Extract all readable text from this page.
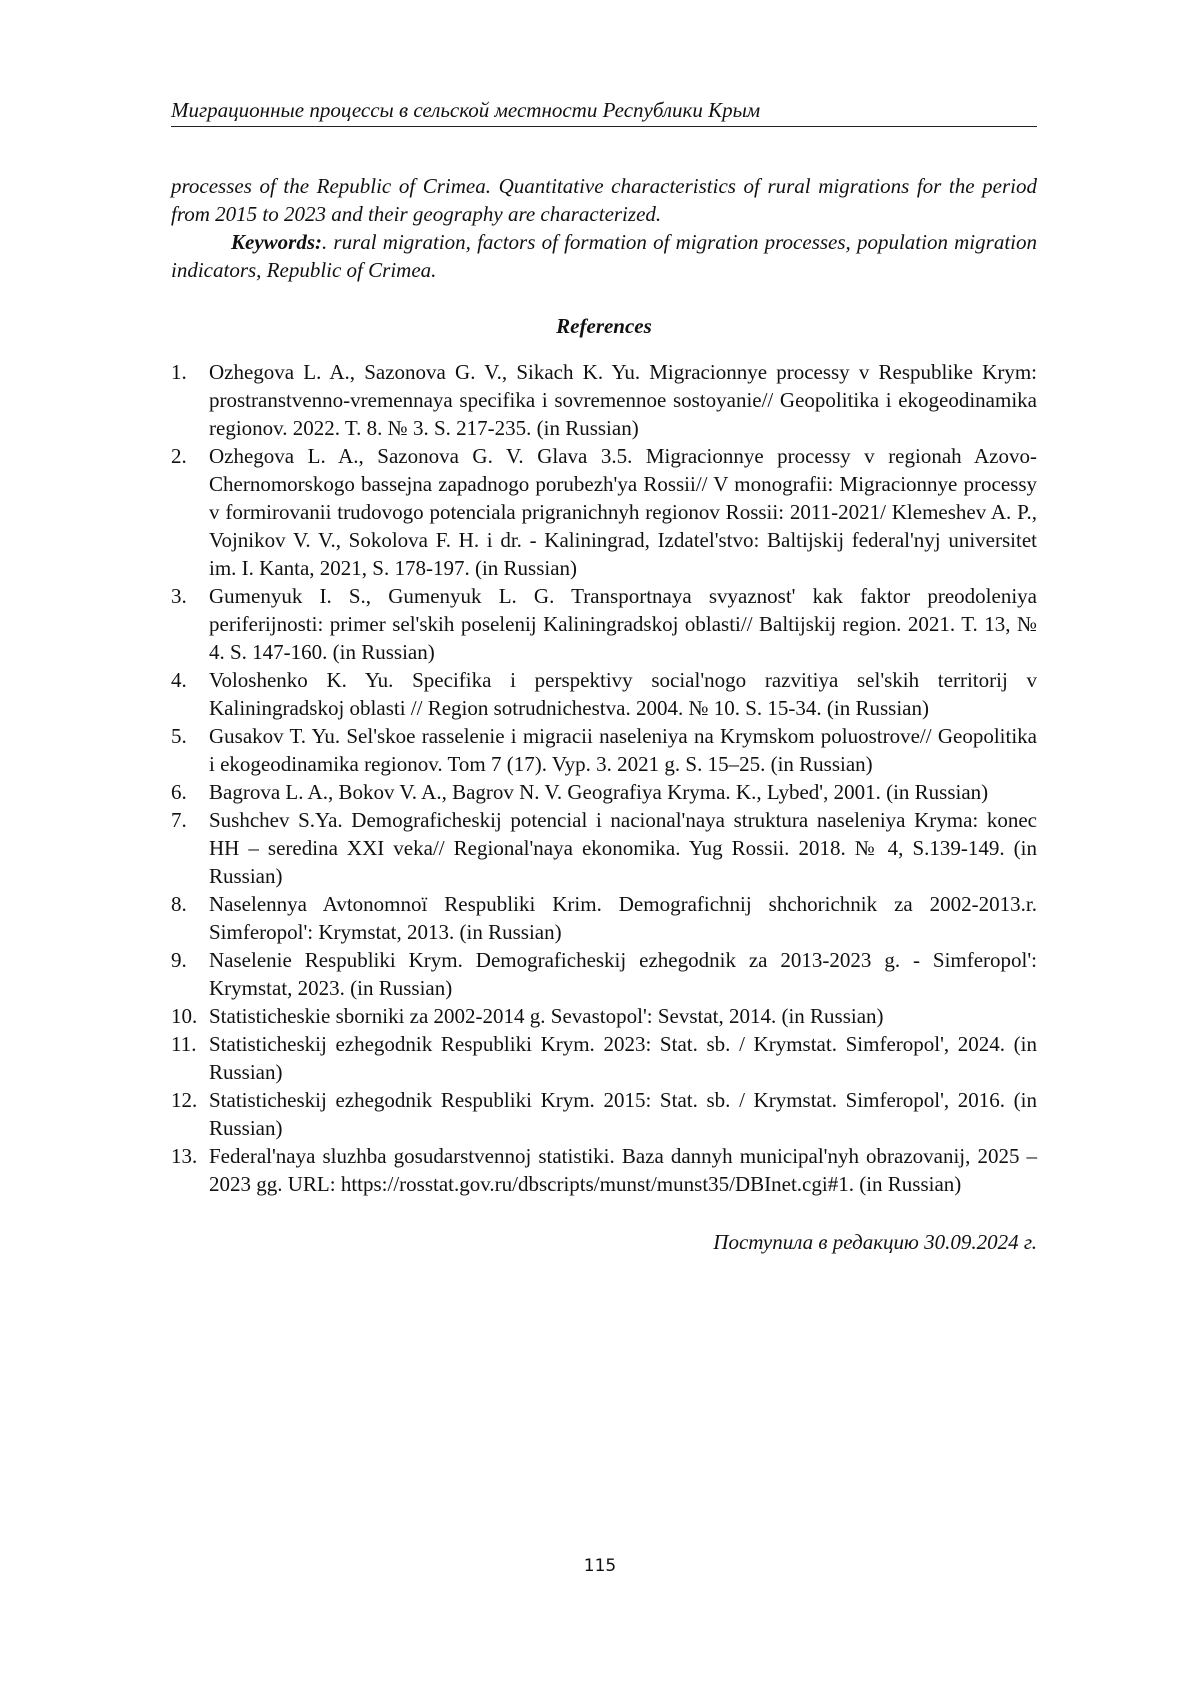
Миграционные процессы в сельской местности Республики Крым

processes of the Republic of Crimea. Quantitative characteristics of rural migrations for the period from 2015 to 2023 and their geography are characterized.

Keywords:. rural migration, factors of formation of migration processes, population migration indicators, Republic of Crimea.

References
1.	Ozhegova L. A., Sazonova G. V., Sikach K. Yu. Migracionnye processy v Respublike Krym: prostranstvenno-vremennaya specifika i sovremennoe sostoyanie// Geopolitika i ekogeodinamika regionov. 2022. T. 8. № 3. S. 217-235. (in Russian)
2.	Ozhegova L. A., Sazonova G. V. Glava 3.5. Migracionnye processy v regionah Azovo-Chernomorskogo bassejna zapadnogo porubezh'ya Rossii// V monografii: Migracionnye processy v formirovanii trudovogo potenciala prigranichnyh regionov Rossii: 2011-2021/ Klemeshev A. P., Vojnikov V. V., Sokolova F. H. i dr. - Kaliningrad, Izdatel'stvo: Baltijskij federal'nyj universitet im. I. Kanta, 2021, S. 178-197. (in Russian)
3.	Gumenyuk I. S., Gumenyuk L. G. Transportnaya svyaznost' kak faktor preodoleniya periferijnosti: primer sel'skih poselenij Kaliningradskoj oblasti// Baltijskij region. 2021. T. 13, № 4. S. 147-160. (in Russian)
4.	Voloshenko K. Yu. Specifika i perspektivy social'nogo razvitiya sel'skih territorij v Kaliningradskoj oblasti // Region sotrudnichestva. 2004. № 10. S. 15-34. (in Russian)
5.	Gusakov T. Yu. Sel'skoe rasselenie i migracii naseleniya na Krymskom poluostrove// Geopolitika i ekogeodinamika regionov. Tom 7 (17). Vyp. 3. 2021 g. S. 15–25. (in Russian)
6.	Bagrova L. A., Bokov V. A., Bagrov N. V. Geografiya Kryma. K., Lybed', 2001. (in Russian)
7.	Sushchev S.Ya. Demograficheskij potencial i nacional'naya struktura naseleniya Kryma: konec HH – seredina XXI veka// Regional'naya ekonomika. Yug Rossii. 2018. № 4, S.139-149. (in Russian)
8.	Naselennya Avtonomnoї Respubliki Krim. Demografichnij shchorichnik za 2002-2013.r. Simferopol': Krymstat, 2013. (in Russian)
9.	Naselenie Respubliki Krym. Demograficheskij ezhegodnik za 2013-2023 g. - Simferopol': Krymstat, 2023. (in Russian)
10. Statisticheskie sborniki za 2002-2014 g. Sevastopol': Sevstat, 2014. (in Russian)
11. Statisticheskij ezhegodnik Respubliki Krym. 2023: Stat. sb. / Krymstat. Simferopol', 2024. (in Russian)
12. Statisticheskij ezhegodnik Respubliki Krym. 2015: Stat. sb. / Krymstat. Simferopol', 2016. (in Russian)
13. Federal'naya sluzhba gosudarstvennoj statistiki. Baza dannyh municipal'nyh obrazovanij, 2025 – 2023 gg. URL: https://rosstat.gov.ru/dbscripts/munst/munst35/DBInet.cgi#1. (in Russian)
Поступила в редакцию 30.09.2024 г.
115
